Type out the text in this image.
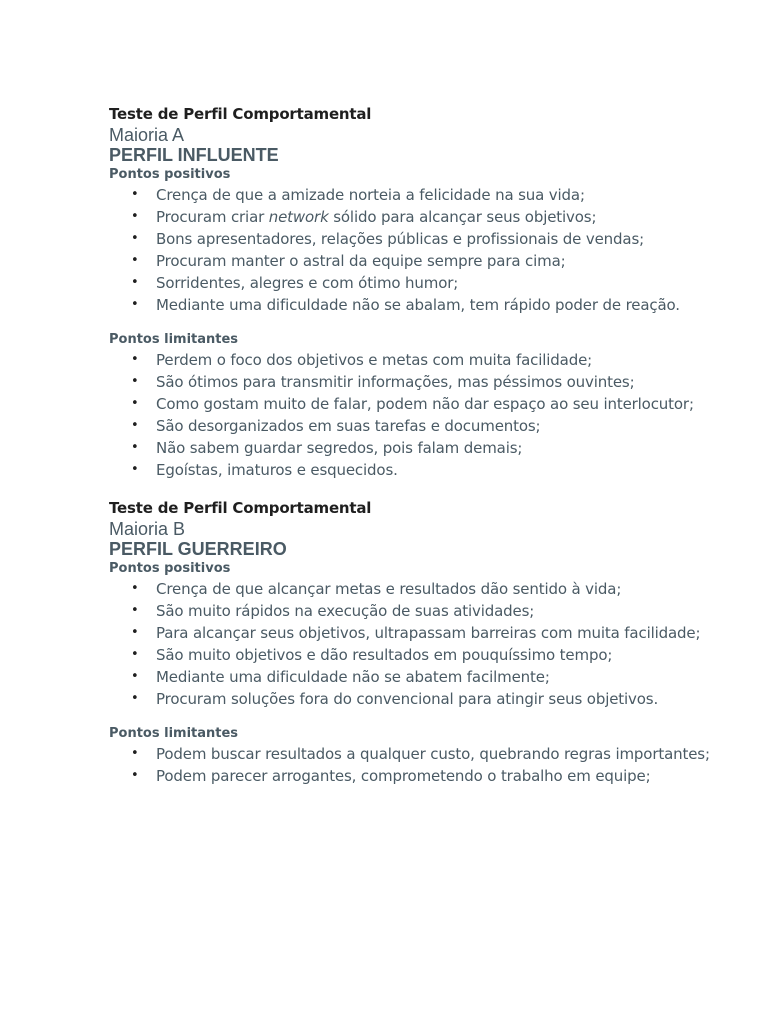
Teste de Perfil Comportamental

Maioria A

PERFIL INFLUENTE

Pontos positivos

• Crença de que a amizade norteia a felicidade na sua vida;
• Procuram criar network sólido para alcançar seus objetivos;
• Bons apresentadores, relações públicas e profissionais de vendas;
• Procuram manter o astral da equipe sempre para cima;
• Sorridentes, alegres e com ótimo humor;
• Mediante uma dificuldade não se abalam, tem rápido poder de reação.

Pontos limitantes

• Perdem o foco dos objetivos e metas com muita facilidade;
• São ótimos para transmitir informações, mas péssimos ouvintes;
• Como gostam muito de falar, podem não dar espaço ao seu interlocutor;
• São desorganizados em suas tarefas e documentos;
• Não sabem guardar segredos, pois falam demais;
• Egoístas, imaturos e esquecidos.

Teste de Perfil Comportamental

Maioria B

PERFIL GUERREIRO

Pontos positivos

• Crença de que alcançar metas e resultados dão sentido à vida;
• São muito rápidos na execução de suas atividades;
• Para alcançar seus objetivos, ultrapassam barreiras com muita facilidade;
• São muito objetivos e dão resultados em pouquíssimo tempo;
• Mediante uma dificuldade não se abatem facilmente;
• Procuram soluções fora do convencional para atingir seus objetivos.

Pontos limitantes

• Podem buscar resultados a qualquer custo, quebrando regras importantes;
• Podem parecer arrogantes, comprometendo o trabalho em equipe;
